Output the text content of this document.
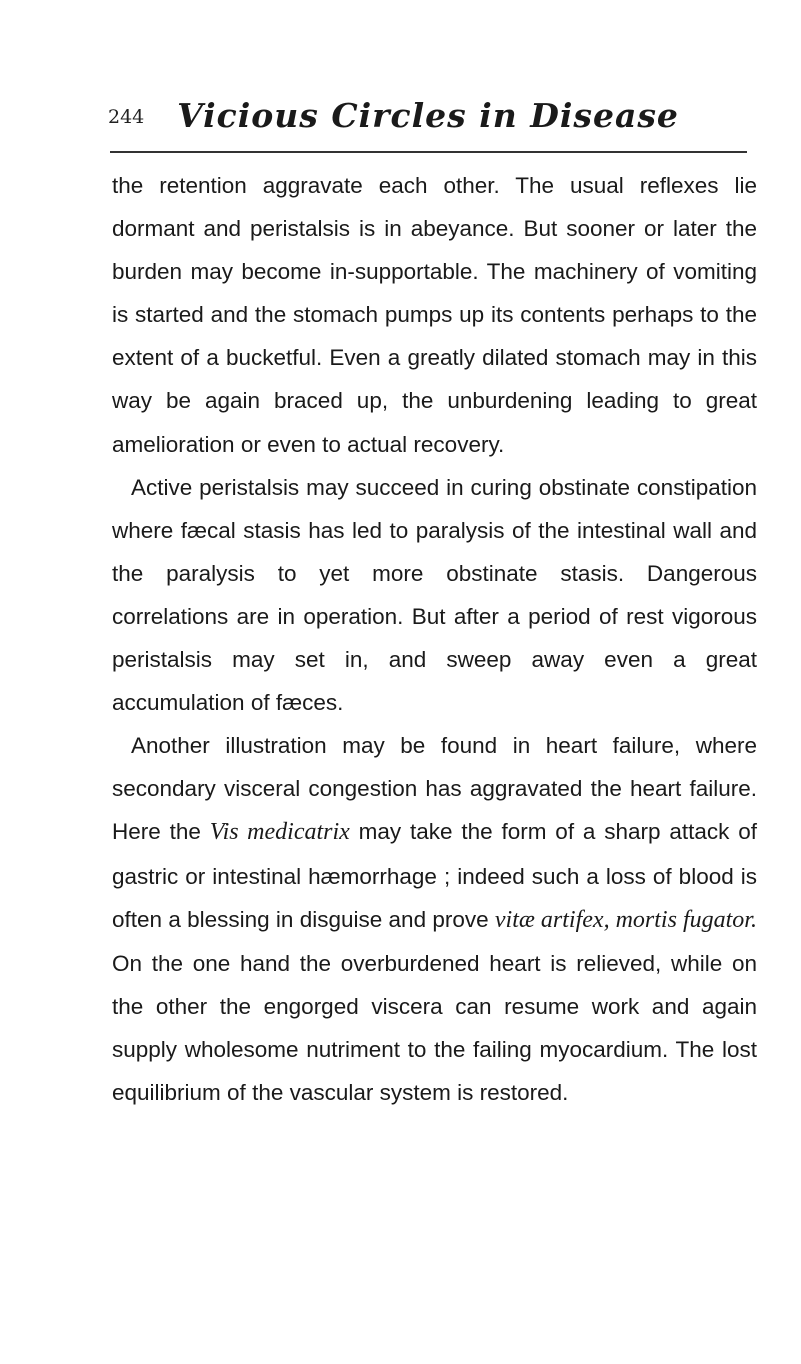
244 Vicious Circles in Disease

the retention aggravate each other. The usual reflexes lie dormant and peristalsis is in abeyance. But sooner or later the burden may become in-supportable. The machinery of vomiting is started and the stomach pumps up its contents perhaps to the extent of a bucketful. Even a greatly dilated stomach may in this way be again braced up, the unburdening leading to great amelioration or even to actual recovery.

Active peristalsis may succeed in curing obstinate constipation where fæcal stasis has led to paralysis of the intestinal wall and the paralysis to yet more obstinate stasis. Dangerous correlations are in operation. But after a period of rest vigorous peristalsis may set in, and sweep away even a great accumulation of fæces.

Another illustration may be found in heart failure, where secondary visceral congestion has aggravated the heart failure. Here the Vis medicatrix may take the form of a sharp attack of gastric or intestinal hæmorrhage ; indeed such a loss of blood is often a blessing in disguise and prove vitæ artifex, mortis fugator. On the one hand the overburdened heart is relieved, while on the other the engorged viscera can resume work and again supply wholesome nutriment to the failing myocardium. The lost equilibrium of the vascular system is restored.
